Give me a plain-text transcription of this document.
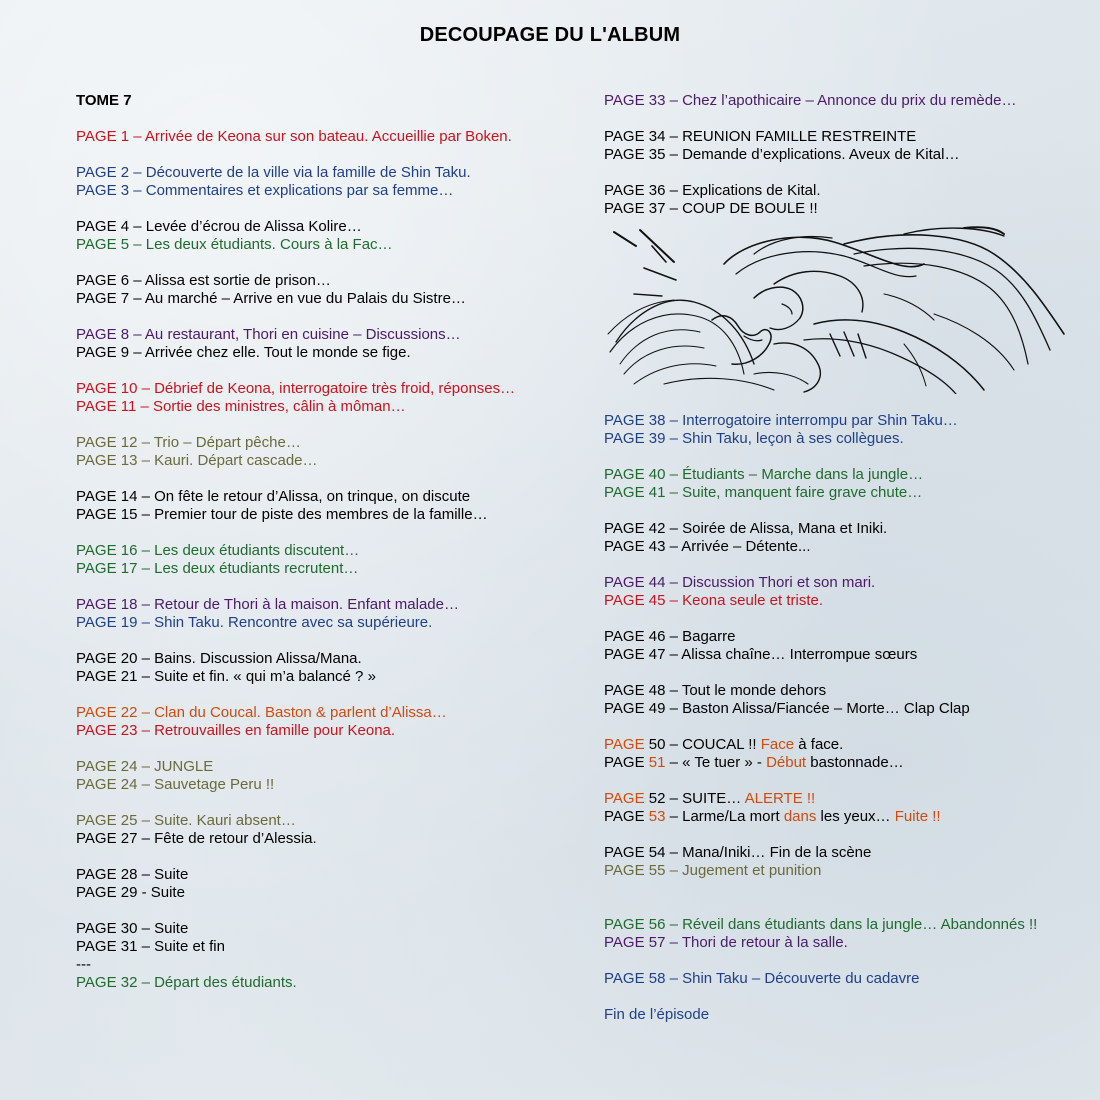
DECOUPAGE DU L'ALBUM
TOME 7
PAGE 1 – Arrivée de Keona sur son bateau. Accueillie par Boken.
PAGE 2 – Découverte de la ville via la famille de Shin Taku.
PAGE 3 – Commentaires et explications par sa femme…
PAGE 4 – Levée d’écrou de Alissa Kolire…
PAGE 5 – Les deux étudiants. Cours à la Fac…
PAGE 6 – Alissa est sortie de prison…
PAGE 7 – Au marché – Arrive en vue du Palais du Sistre…
PAGE 8 – Au restaurant, Thori en cuisine – Discussions…
PAGE 9 – Arrivée chez elle. Tout le monde se fige.
PAGE 10 – Débrief de Keona, interrogatoire très froid, réponses…
PAGE 11 – Sortie des ministres, câlin à môman…
PAGE 12 – Trio – Départ pêche…
PAGE 13 – Kauri. Départ cascade…
PAGE 14 – On fête le retour d’Alissa, on trinque, on discute
PAGE 15 – Premier tour de piste des membres de la famille…
PAGE 16 – Les deux étudiants discutent…
PAGE 17 – Les deux étudiants recrutent…
PAGE 18 – Retour de Thori à la maison. Enfant malade…
PAGE 19 – Shin Taku. Rencontre avec sa supérieure.
PAGE 20 – Bains. Discussion Alissa/Mana.
PAGE 21 – Suite et fin. « qui m’a balancé ? »
PAGE 22 – Clan du Coucal. Baston & parlent d’Alissa…
PAGE 23 – Retrouvailles en famille pour Keona.
PAGE 24 – JUNGLE
PAGE 24 – Sauvetage Peru !!
PAGE 25 – Suite. Kauri absent…
PAGE 27 – Fête de retour d’Alessia.
PAGE 28 – Suite
PAGE 29 - Suite
PAGE 30 – Suite
PAGE 31 – Suite et fin
---
PAGE 32 – Départ des étudiants.
PAGE 33 – Chez l’apothicaire – Annonce du prix du remède…
PAGE 34 – REUNION FAMILLE RESTREINTE
PAGE 35 – Demande d’explications. Aveux de Kital…
PAGE 36 – Explications de Kital.
PAGE 37 – COUP DE BOULE !!
PAGE 38 – Interrogatoire interrompu par Shin Taku…
PAGE 39 – Shin Taku, leçon à ses collègues.
PAGE 40 – Étudiants – Marche dans la jungle…
PAGE 41 – Suite, manquent faire grave chute…
PAGE 42 – Soirée de Alissa, Mana et Iniki.
PAGE 43 – Arrivée – Détente...
PAGE 44 – Discussion Thori et son mari.
PAGE 45 – Keona seule et triste.
PAGE 46 – Bagarre
PAGE 47 – Alissa chaîne… Interrompue sœurs
PAGE 48 – Tout le monde dehors
PAGE 49 – Baston Alissa/Fiancée – Morte… Clap Clap
PAGE 50 – COUCAL !! Face à face.
PAGE 51 – « Te tuer » - Début bastonnade…
PAGE 52 – SUITE… ALERTE !!
PAGE 53 – Larme/La mort dans les yeux… Fuite !!
PAGE 54 – Mana/Iniki… Fin de la scène
PAGE 55 – Jugement et punition
PAGE 56 – Réveil dans étudiants dans la jungle… Abandonnés !!
PAGE 57 – Thori de retour à la salle.
PAGE 58 – Shin Taku – Découverte du cadavre
Fin de l’épisode
